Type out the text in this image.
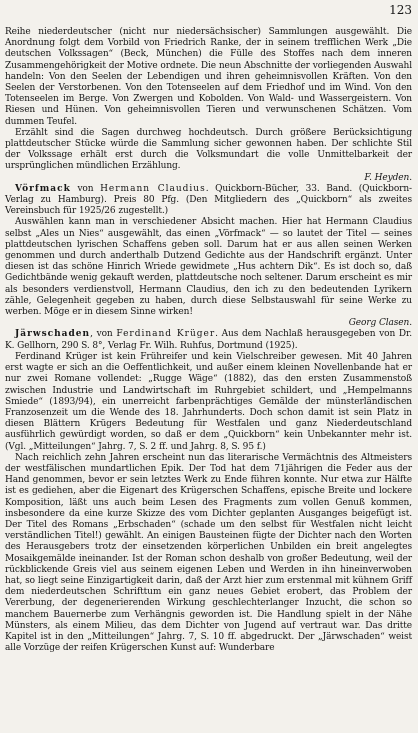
123

Reihe niederdeutscher (nicht nur niedersächsischer) Sammlungen ausgewählt. Die Anordnung folgt dem Vorbild von Friedrich Ranke, der in seinem trefflichen Werk „Die deutschen Volkssagen“ (Beck, München) die Fülle des Stoffes nach dem inneren Zusammengehörigkeit der Motive ordnete. Die neun Abschnitte der vorliegenden Auswahl handeln: Von den Seelen der Lebendigen und ihren geheimnisvollen Kräften. Von den Seelen der Verstorbenen. Von den Totenseelen auf dem Friedhof und im Wind. Von den Totenseelen im Berge. Von Zwergen und Kobolden. Von Wald- und Wassergeistern. Von Riesen und Hünen. Von geheimnisvollen Tieren und verwunschenen Schätzen. Vom dummen Teufel.

Erzählt sind die Sagen durchweg hochdeutsch. Durch größere Berücksichtigung plattdeutscher Stücke würde die Sammlung sicher gewonnen haben. Der schlichte Stil der Volkssage erhält erst durch die Volksmundart die volle Unmittelbarkeit der ursprünglichen mündlichen Erzählung.

F. Heyden.

Vörfmack von Hermann Claudius. Quickborn-Bücher, 33. Band. (Quickborn-Verlag zu Hamburg). Preis 80 Pfg. (Den Mitgliedern des „Quickborn“ als zweites Vereinsbuch für 1925/26 zugestellt.)

Auswählen kann man in verschiedener Absicht machen. Hier hat Hermann Claudius selbst „Ales un Nies“ ausgewählt, das einen „Vörfmack“ — so lautet der Titel — seines plattdeutschen lyrischen Schaffens geben soll. Darum hat er aus allen seinen Werken genommen und durch anderthalb Dutzend Gedichte aus der Handschrift ergänzt. Unter diesen ist das schöne Hinrich Wriede gewidmete „Hus achtern Dik“. Es ist doch so, daß Gedichtbände wenig gekauft werden, plattdeutsche noch seltener. Darum erscheint es mir als besonders verdienstvoll, Hermann Claudius, den ich zu den bedeutenden Lyrikern zähle, Gelegenheit gegeben zu haben, durch diese Selbstauswahl für seine Werke zu werben. Möge er in diesem Sinne wirken!

Georg Clasen.

Järwschaden, von Ferdinand Krüger. Aus dem Nachlaß herausgegeben von Dr. K. Gellhorn, 290 S. 8°, Verlag Fr. Wilh. Ruhfus, Dortmund (1925).

Ferdinand Krüger ist kein Frühreifer und kein Vielschreiber gewesen. Mit 40 Jahren erst wagte er sich an die Oeffentlichkeit, und außer einem kleinen Novellenbande hat er nur zwei Romane vollendet: „Rugge Wäge“ (1882), das den ersten Zusammenstoß zwischen Industrie und Landwirtschaft im Ruhrgebiet schildert, und „Hempelmanns Smiede“ (1893/94), ein unerreicht farbenprächtiges Gemälde der münsterländischen Franzosenzeit um die Wende des 18. Jahrhunderts. Doch schon damit ist sein Platz in diesen Blättern Krügers Bedeutung für Westfalen und ganz Niederdeutschland ausführlich gewürdigt worden, so daß er dem „Quickborn“ kein Unbekannter mehr ist. (Vgl. „Mitteilungen“ Jahrg. 7, S. 2 ff. und Jahrg. 8, S. 95 f.)

Nach reichlich zehn Jahren erscheint nun das literarische Vermächtnis des Altmeisters der westfälischen mundartlichen Epik. Der Tod hat dem 71jährigen die Feder aus der Hand genommen, bevor er sein letztes Werk zu Ende führen konnte. Nur etwa zur Hälfte ist es gediehen, aber die Eigenart des Krügerschen Schaffens, epische Breite und lockere Komposition, läßt uns auch beim Lesen des Fragments zum vollen Genuß kommen, insbesondere da eine kurze Skizze des vom Dichter geplanten Ausganges beigefügt ist. Der Titel des Romans „Erbschaden“ (schade um den selbst für Westfalen nicht leicht verständlichen Titel!) gewählt. An einigen Bausteinen fügte der Dichter nach den Worten des Herausgebers trotz der einsetzenden körperlichen Unbilden ein breit angelegtes Mosaikgemälde ineinander. Ist der Roman schon deshalb von großer Bedeutung, weil der rückblickende Greis viel aus seinem eigenen Leben und Werden in ihn hineinverwoben hat, so liegt seine Einzigartigkeit darin, daß der Arzt hier zum erstenmal mit kühnem Griff dem niederdeutschen Schrifttum ein ganz neues Gebiet erobert, das Problem der Vererbung, der degenerierenden Wirkung geschlechterlanger Inzucht, die schon so manchem Bauernerbe zum Verhängnis geworden ist. Die Handlung spielt in der Nähe Münsters, als einem Milieu, das dem Dichter von Jugend auf vertraut war. Das dritte Kapitel ist in den „Mitteilungen“ Jahrg. 7, S. 10 ff. abgedruckt. Der „Järwschaden“ weist alle Vorzüge der reifen Krügerschen Kunst auf: Wunderbare
